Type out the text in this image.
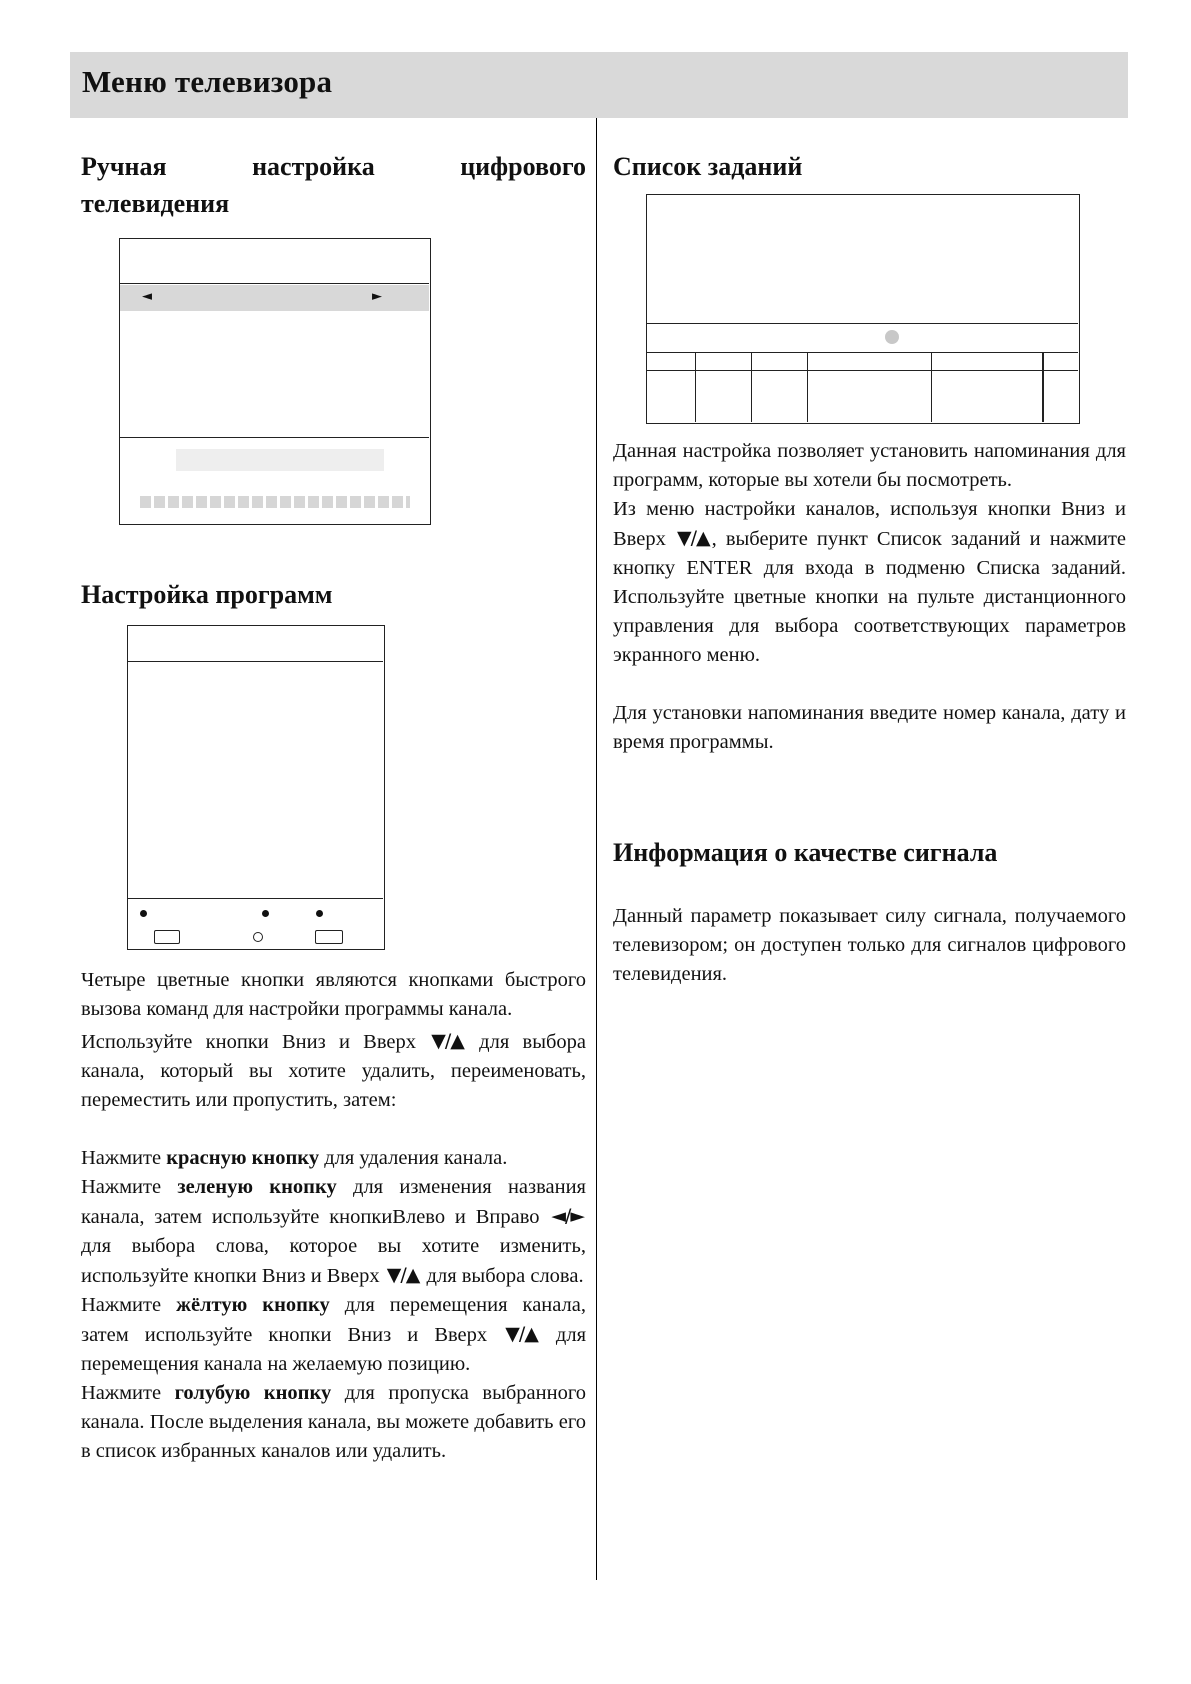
Меню телевизора
Ручная	настройка	цифрового
телевидения
◄	►
Настройка программ

Четыре цветные кнопки являются кнопками быстрого вызова команд для настройки программы канала.

Используйте кнопки Вниз и Вверх ▼/▲ для выбора канала, который вы хотите удалить, переименовать, переместить или пропустить, затем:

Нажмите красную кнопку для удаления канала.

Нажмите зеленую кнопку для изменения названия канала, затем используйте кнопкиВлево и Вправо ◄/► для выбора слова, которое вы хотите изменить, используйте кнопки Вниз и Вверх ▼/▲ для выбора слова.

Нажмите жёлтую кнопку для перемещения канала, затем используйте кнопки Вниз и Вверх ▼/▲ для перемещения канала на желаемую позицию.

Нажмите голубую кнопку для пропуска выбранного канала. После выделения канала, вы можете добавить его в список избранных каналов или удалить.

Список заданий

Данная настройка позволяет установить напоминания для программ, которые вы хотели бы посмотреть.

Из меню настройки каналов, используя кнопки Вниз и Вверх ▼/▲, выберите пункт Список заданий и нажмите кнопку ENTER для входа в подменю Списка заданий. Используйте цветные кнопки на пульте дистанционного управления для выбора соответствующих параметров экранного меню.

Для установки напоминания введите номер канала, дату и время программы.

Информация о качестве сигнала

Данный параметр показывает силу сигнала, получаемого телевизором; он доступен только для сигналов цифрового телевидения.
